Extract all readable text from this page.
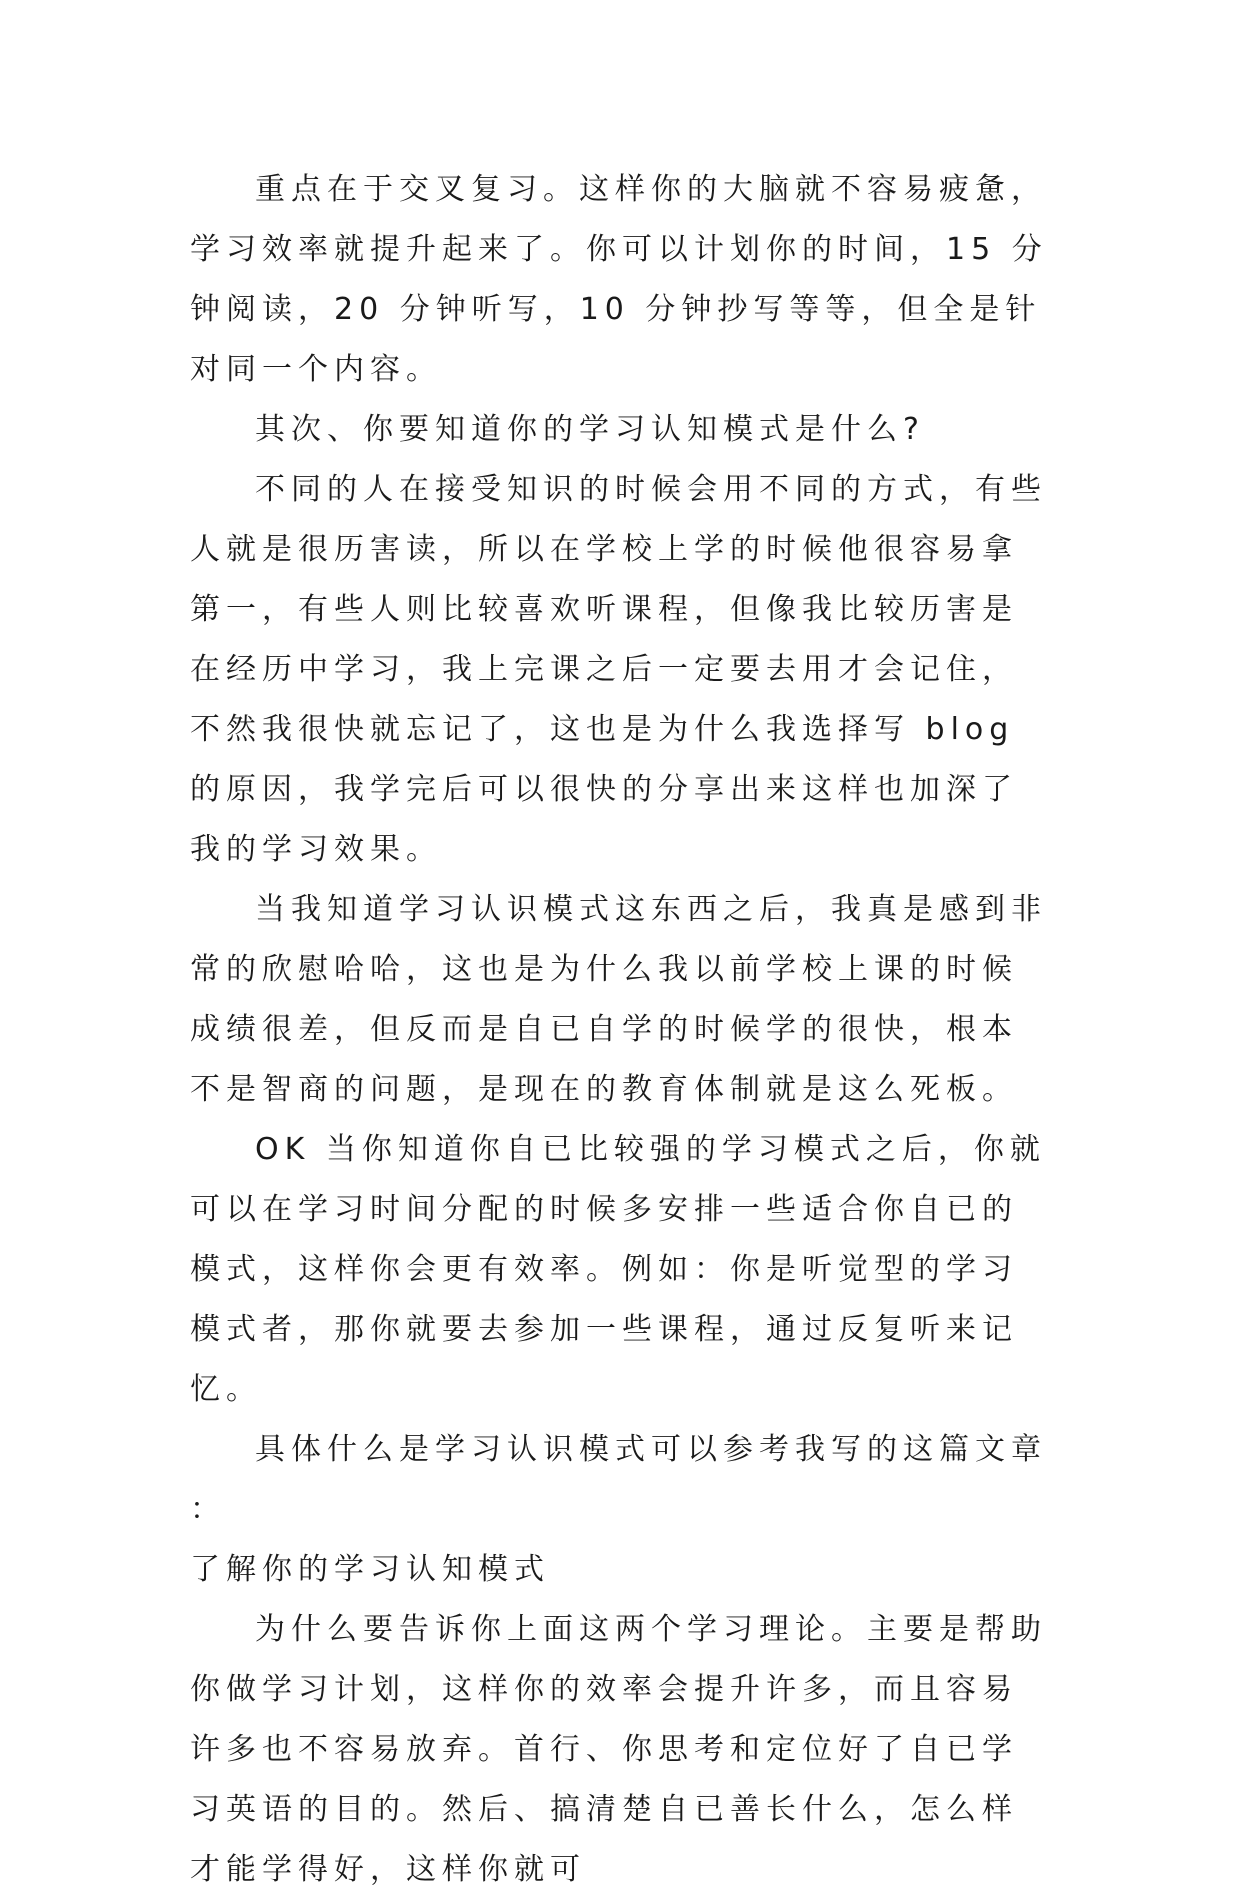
重点在于交叉复习。这样你的大脑就不容易疲惫，学习效率就提升起来了。你可以计划你的时间，15 分钟阅读，20 分钟听写，10 分钟抄写等等，但全是针对同一个内容。

其次、你要知道你的学习认知模式是什么?

不同的人在接受知识的时候会用不同的方式，有些人就是很历害读，所以在学校上学的时候他很容易拿第一，有些人则比较喜欢听课程，但像我比较历害是在经历中学习，我上完课之后一定要去用才会记住，不然我很快就忘记了，这也是为什么我选择写 blog 的原因，我学完后可以很快的分享出来这样也加深了我的学习效果。

当我知道学习认识模式这东西之后，我真是感到非常的欣慰哈哈，这也是为什么我以前学校上课的时候成绩很差，但反而是自已自学的时候学的很快，根本不是智商的问题，是现在的教育体制就是这么死板。

OK 当你知道你自已比较强的学习模式之后，你就可以在学习时间分配的时候多安排一些适合你自已的模式，这样你会更有效率。例如：你是听觉型的学习模式者，那你就要去参加一些课程，通过反复听来记忆。

具体什么是学习认识模式可以参考我写的这篇文章 ：

了解你的学习认知模式

为什么要告诉你上面这两个学习理论。主要是帮助你做学习计划，这样你的效率会提升许多，而且容易许多也不容易放弃。首行、你思考和定位好了自已学习英语的目的。然后、搞清楚自已善长什么，怎么样才能学得好，这样你就可
